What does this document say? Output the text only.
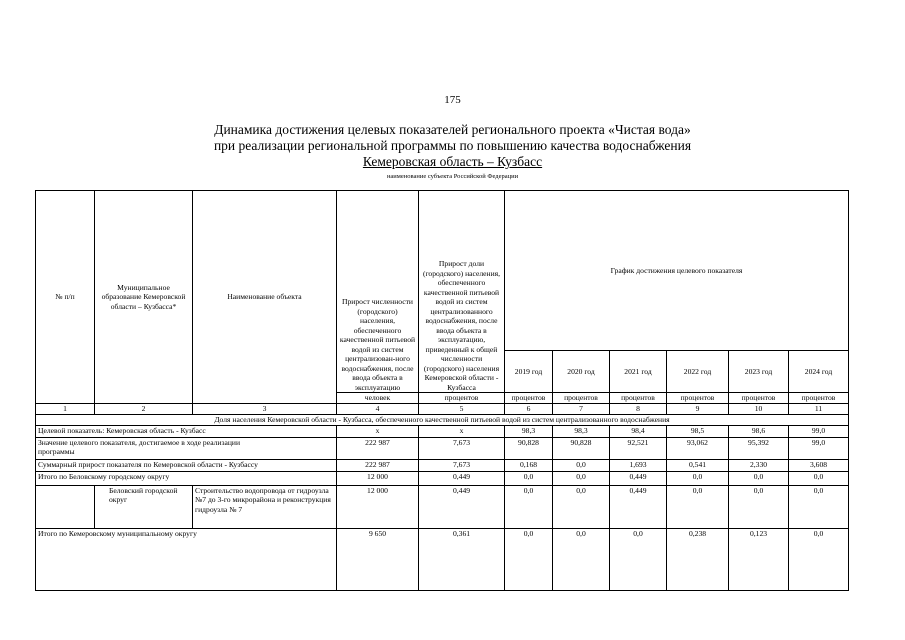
175
Динамика достижения целевых показателей регионального проекта «Чистая вода»
при реализации региональной программы по повышению качества водоснабжения
Кемеровская область – Кузбасс
наименование субъекта Российской Федерации
№ п/п	Муниципальное образование Кемеровской области – Кузбасса*	Наименование объекта	Прирост численности (городского) населения, обеспеченного качественной питьевой водой из систем централизован-ного водоснабжения, после ввода объекта в эксплуатацию	Прирост доли (городского) населения, обеспеченного качественной питьевой водой из систем централизованного водоснабжения, после ввода объекта в эксплуатацию, приведенный к общей численности (городского) населения Кемеровской области - Кузбасса	График достижения целевого показателя					
					2019 год	2020 год	2021 год	2022 год	2023 год	2024 год
			человек	процентов	процентов	процентов	процентов	процентов	процентов	процентов
1	2	3	4	5	6	7	8	9	10	11
Доля населения Кемеровской области - Кузбасса, обеспеченного качественной питьевой водой из систем централизованного водоснабжения										
Целевой показатель: Кемеровская область - Кузбасс			x	x	98,3	98,3	98,4	98,5	98,6	99,0
Значение целевого показателя, достигаемое в ходе реализации программы			222 987	7,673	90,828	90,828	92,521	93,062	95,392	99,0
Суммарный прирост показателя по Кемеровской области - Кузбассу			222 987	7,673	0,168	0,0	1,693	0,541	2,330	3,608
Итого по Беловскому городскому округу			12 000	0,449	0,0	0,0	0,449	0,0	0,0	0,0
	Беловский городской округ	Строительство водопровода от гидроузла №7 до 3-го микрорайона и реконструкция гидроузла № 7	12 000	0,449	0,0	0,0	0,449	0,0	0,0	0,0
Итого по Кемеровскому муниципальному округу			9 650	0,361	0,0	0,0	0,0	0,238	0,123	0,0
